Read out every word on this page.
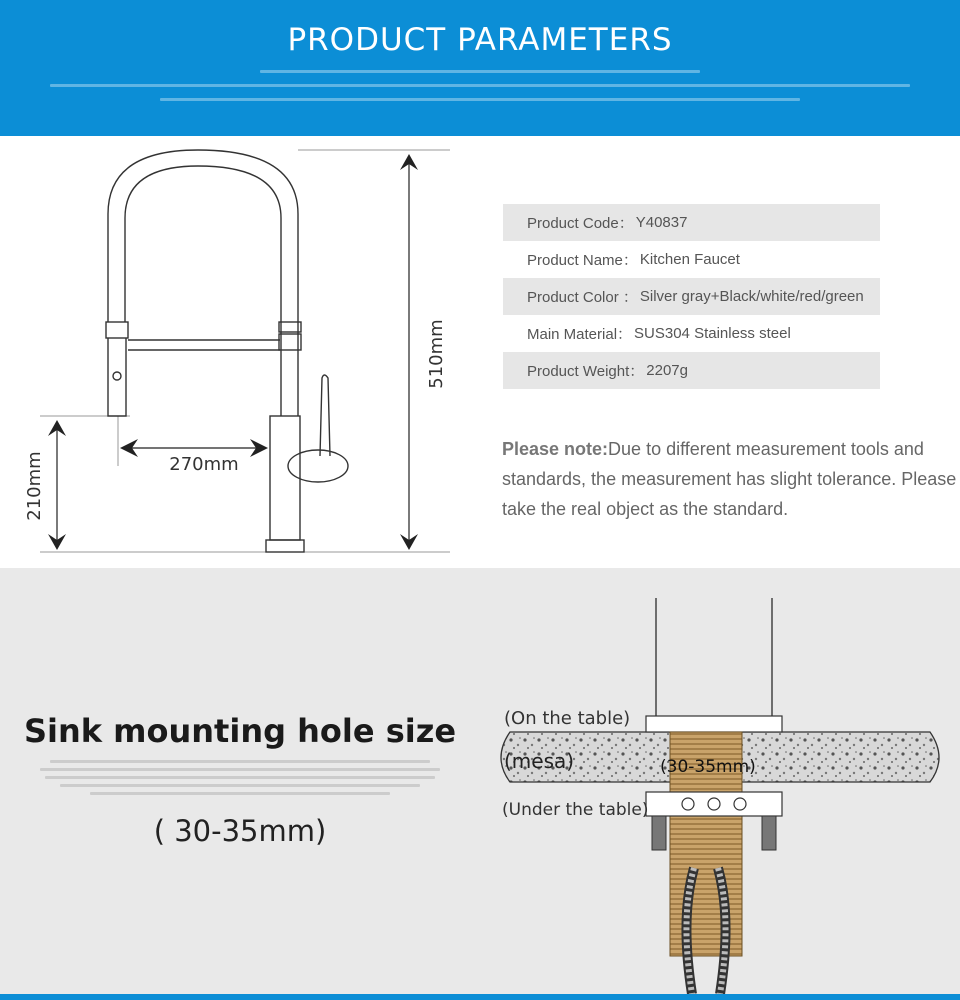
PRODUCT PARAMETERS
510mm
210mm	270mm
Product Code： Y40837
Product Name： Kitchen Faucet
Product Color ： Silver gray+Black/white/red/green
Main Material： SUS304 Stainless steel
Product Weight： 2207g
Please note:Due to different measurement tools and standards, the measurement has slight tolerance. Please take the real object as the standard.
Sink mounting hole size
( 30-35mm)
(On the table)
(mesa)	(30-35mm)
(Under the table)
